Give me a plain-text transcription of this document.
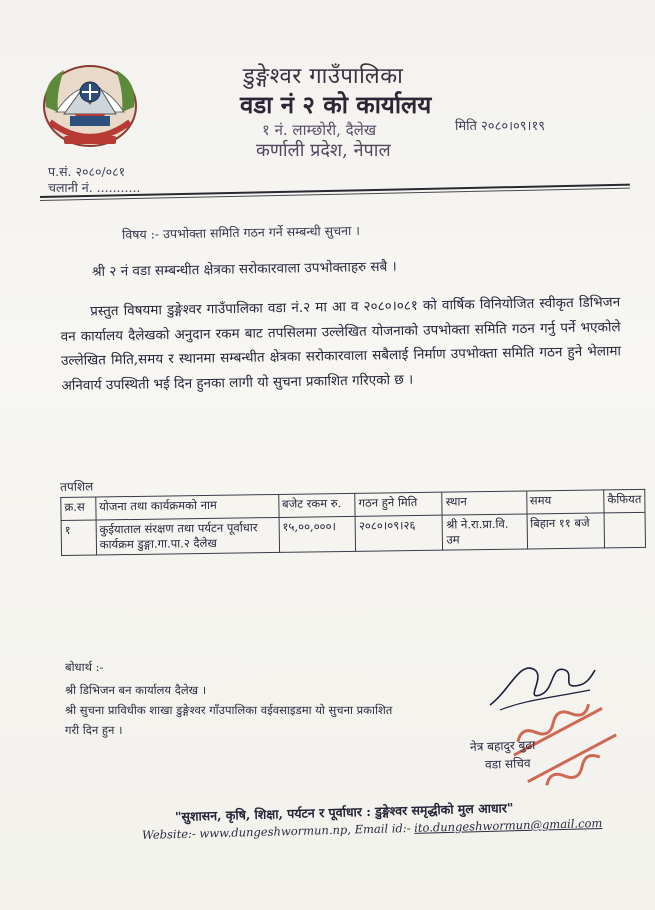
डुङ्गेश्वर गाउँपालिका
वडा नं २ को कार्यालय
१ नं. लाम्छोरी, दैलेख
कर्णाली प्रदेश, नेपाल
मिति २०८०।०९।१९
प.सं. २०८०/०८१
चलानी नं. ...........
विषय :- उपभोक्ता समिति गठन गर्ने सम्बन्धी सुचना ।
श्री २ नं वडा सम्बन्धीत क्षेत्रका सरोकारवाला उपभोक्ताहरु सबै ।

प्रस्तुत विषयमा डुङ्गेश्वर गाउँपालिका वडा नं.२ मा आ व २०८०।०८१ को वार्षिक विनियोजित स्वीकृत डिभिजन वन कार्यालय दैलेखको अनुदान रकम बाट तपसिलमा उल्लेखित योजनाको उपभोक्ता समिति गठन गर्नु पर्ने भएकोले उल्लेखित मिति,समय र स्थानमा सम्बन्धीत क्षेत्रका सरोकारवाला सबैलाई निर्माण उपभोक्ता समिति गठन हुने भेलामा अनिवार्य उपस्थिती भई दिन हुनका लागी यो सुचना प्रकाशित गरिएको छ ।

तपशिल
क्र.स	योजना तथा कार्यक्रमको नाम	बजेट रकम रु.	गठन हुने मिति	स्थान	समय	कैफियत
१	कुईयाताल संरक्षण तथा पर्यटन पूर्वाधार कार्यक्रम डुङ्गा.गा.पा.२ दैलेख	१५,००,०००।	२०८०।०९।२६	श्री ने.रा.प्रा.वि. उम	बिहान ११ बजे	
बोधार्थ :-
श्री डिभिजन बन कार्यालय दैलेख ।
श्री सुचना प्राविधीक शाखा डुङ्गेश्वर गाँउपालिका वईवसाइडमा यो सुचना प्रकाशित
गरी दिन हुन ।
नेत्र बहादुर बुढा
वडा सचिव
"सुशासन, कृषि, शिक्षा, पर्यटन र पूर्वाधार : डुङ्गेश्वर समृद्धीको मुल आधार"
Website:- www.dungeshwormun.np, Email id:- ito.dungeshwormun@gmail.com
